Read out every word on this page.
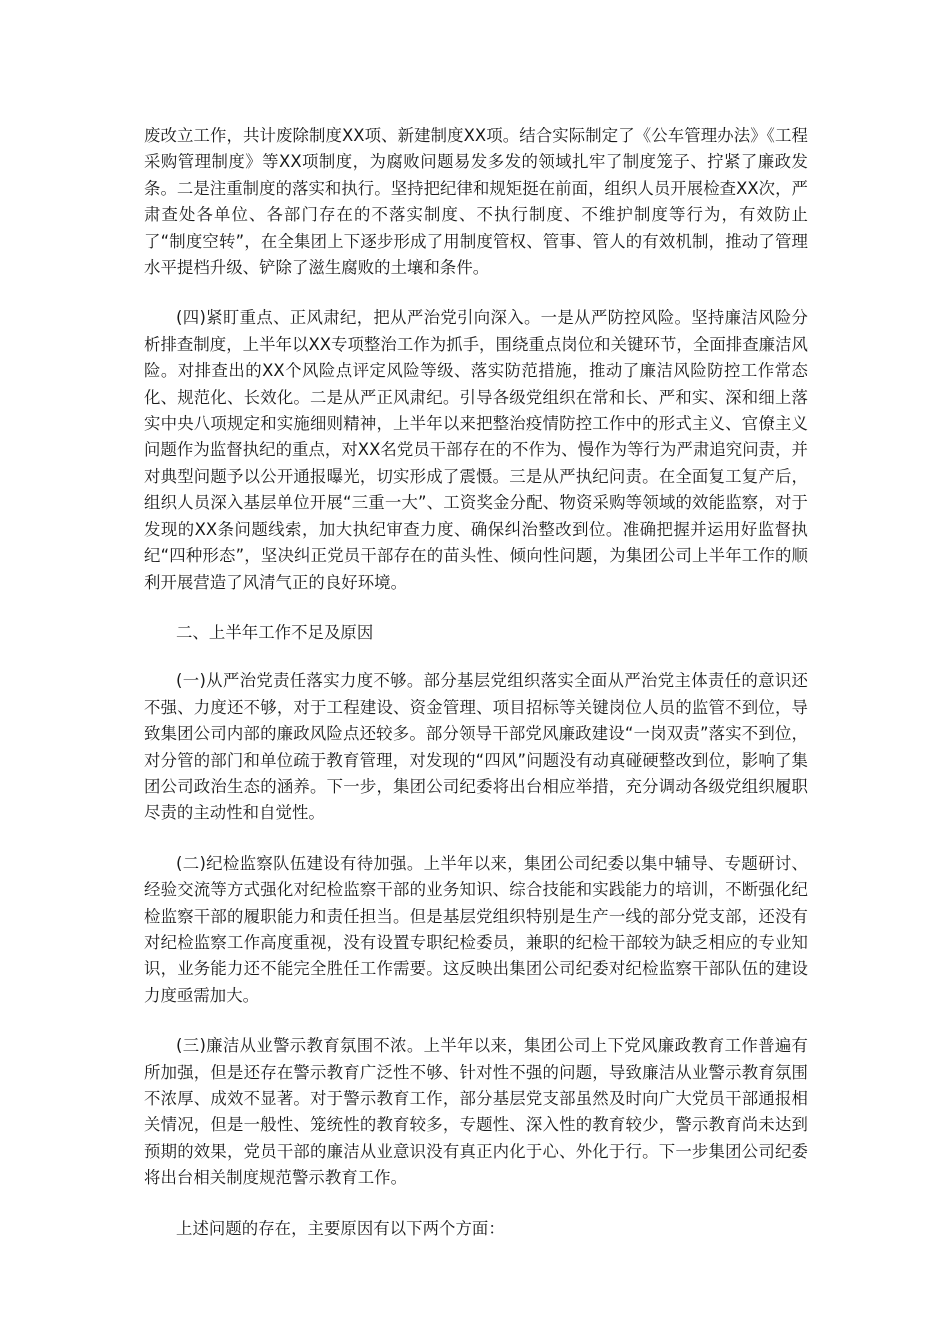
废改立工作，共计废除制度XX项、新建制度XX项。结合实际制定了《公车管理办法》《工程采购管理制度》等XX项制度，为腐败问题易发多发的领域扎牢了制度笼子、拧紧了廉政发条。二是注重制度的落实和执行。坚持把纪律和规矩挺在前面，组织人员开展检查XX次，严肃查处各单位、各部门存在的不落实制度、不执行制度、不维护制度等行为，有效防止了“制度空转”，在全集团上下逐步形成了用制度管权、管事、管人的有效机制，推动了管理水平提档升级、铲除了滋生腐败的土壤和条件。

(四)紧盯重点、正风肃纪，把从严治党引向深入。一是从严防控风险。坚持廉洁风险分析排查制度，上半年以XX专项整治工作为抓手，围绕重点岗位和关键环节，全面排查廉洁风险。对排查出的XX个风险点评定风险等级、落实防范措施，推动了廉洁风险防控工作常态化、规范化、长效化。二是从严正风肃纪。引导各级党组织在常和长、严和实、深和细上落实中央八项规定和实施细则精神，上半年以来把整治疫情防控工作中的形式主义、官僚主义问题作为监督执纪的重点，对XX名党员干部存在的不作为、慢作为等行为严肃追究问责，并对典型问题予以公开通报曝光，切实形成了震慑。三是从严执纪问责。在全面复工复产后，组织人员深入基层单位开展“三重一大”、工资奖金分配、物资采购等领域的效能监察，对于发现的XX条问题线索，加大执纪审查力度、确保纠治整改到位。准确把握并运用好监督执纪“四种形态”，坚决纠正党员干部存在的苗头性、倾向性问题，为集团公司上半年工作的顺利开展营造了风清气正的良好环境。

二、上半年工作不足及原因

(一)从严治党责任落实力度不够。部分基层党组织落实全面从严治党主体责任的意识还不强、力度还不够，对于工程建设、资金管理、项目招标等关键岗位人员的监管不到位，导致集团公司内部的廉政风险点还较多。部分领导干部党风廉政建设“一岗双责”落实不到位，对分管的部门和单位疏于教育管理，对发现的“四风”问题没有动真碰硬整改到位，影响了集团公司政治生态的涵养。下一步，集团公司纪委将出台相应举措，充分调动各级党组织履职尽责的主动性和自觉性。

(二)纪检监察队伍建设有待加强。上半年以来，集团公司纪委以集中辅导、专题研讨、经验交流等方式强化对纪检监察干部的业务知识、综合技能和实践能力的培训，不断强化纪检监察干部的履职能力和责任担当。但是基层党组织特别是生产一线的部分党支部，还没有对纪检监察工作高度重视，没有设置专职纪检委员，兼职的纪检干部较为缺乏相应的专业知识，业务能力还不能完全胜任工作需要。这反映出集团公司纪委对纪检监察干部队伍的建设力度亟需加大。

(三)廉洁从业警示教育氛围不浓。上半年以来，集团公司上下党风廉政教育工作普遍有所加强，但是还存在警示教育广泛性不够、针对性不强的问题，导致廉洁从业警示教育氛围不浓厚、成效不显著。对于警示教育工作，部分基层党支部虽然及时向广大党员干部通报相关情况，但是一般性、笼统性的教育较多，专题性、深入性的教育较少，警示教育尚未达到预期的效果，党员干部的廉洁从业意识没有真正内化于心、外化于行。下一步集团公司纪委将出台相关制度规范警示教育工作。

上述问题的存在，主要原因有以下两个方面：
